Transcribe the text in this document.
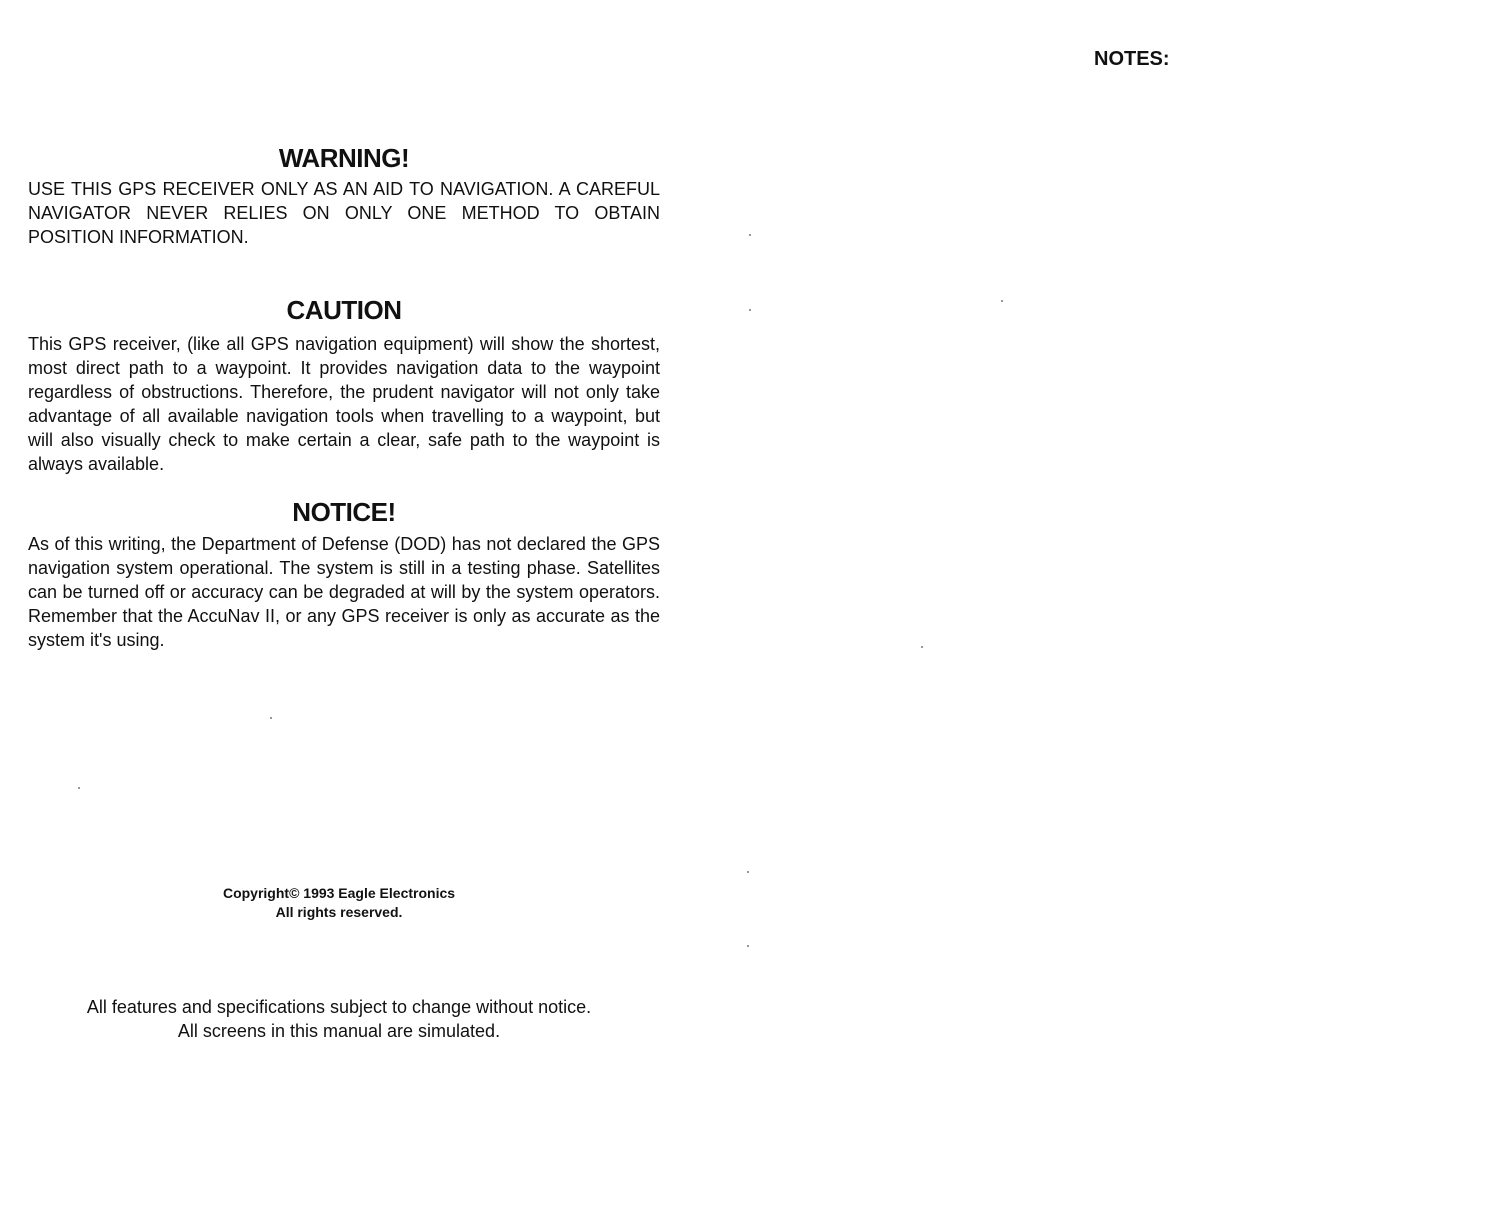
WARNING!

USE THIS GPS RECEIVER ONLY AS AN AID TO NAVIGATION. A CAREFUL NAVIGATOR NEVER RELIES ON ONLY ONE METHOD TO OBTAIN POSITION INFORMATION.

CAUTION

This GPS receiver, (like all GPS navigation equipment) will show the shortest, most direct path to a waypoint. It provides navigation data to the waypoint regardless of obstructions. Therefore, the prudent navigator will not only take advantage of all available navigation tools when travelling to a waypoint, but will also visually check to make certain a clear, safe path to the waypoint is always available.

NOTICE!

As of this writing, the Department of Defense (DOD) has not declared the GPS navigation system operational. The system is still in a testing phase. Satellites can be turned off or accuracy can be degraded at will by the system operators. Remember that the AccuNav II, or any GPS receiver is only as accurate as the system it's using.

Copyright© 1993 Eagle Electronics

All rights reserved.

All features and specifications subject to change without notice.

All screens in this manual are simulated.

NOTES:
